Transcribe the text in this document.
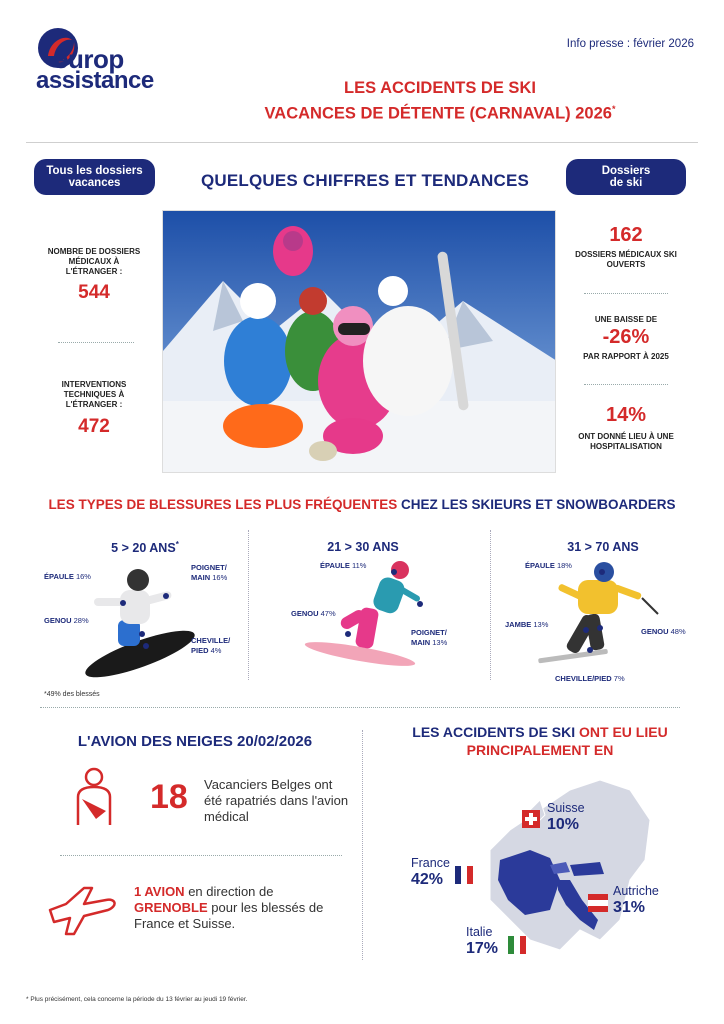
europ
assistance
Info presse : février 2026
LES ACCIDENTS DE SKI
VACANCES DE DÉTENTE (CARNAVAL) 2026*
Tous les dossiers vacances	QUELQUES CHIFFRES ET TENDANCES	Dossiers de ski
NOMBRE DE DOSSIERS MÉDICAUX À L'ÉTRANGER :
544
INTERVENTIONS TECHNIQUES À L'ÉTRANGER :
472
162
DOSSIERS MÉDICAUX SKI OUVERTS
UNE BAISSE DE
-26%
PAR RAPPORT À 2025
14%
ONT DONNÉ LIEU À UNE HOSPITALISATION
LES TYPES DE BLESSURES LES PLUS FRÉQUENTES CHEZ LES SKIEURS ET SNOWBOARDERS
5 > 20 ANS*
ÉPAULE 16%
POIGNET/ MAIN 16%
GENOU 28%
CHEVILLE/ PIED 4%
*49% des blessés
21 > 30 ANS
ÉPAULE 11%
GENOU 47%
POIGNET/ MAIN 13%
31 > 70 ANS
ÉPAULE 18%
JAMBE 13%
GENOU 48%
CHEVILLE/PIED 7%
L'AVION DES NEIGES 20/02/2026
18 Vacanciers Belges ont été rapatriés dans l'avion médical
1 AVION en direction de
GRENOBLE pour les blessés de France et Suisse.
LES ACCIDENTS DE SKI ONT EU LIEU PRINCIPALEMENT EN
Suisse
10%
France
42%
Autriche
31%
Italie
17%
* Plus précisément, cela concerne la période du 13 février au jeudi 19 février.
